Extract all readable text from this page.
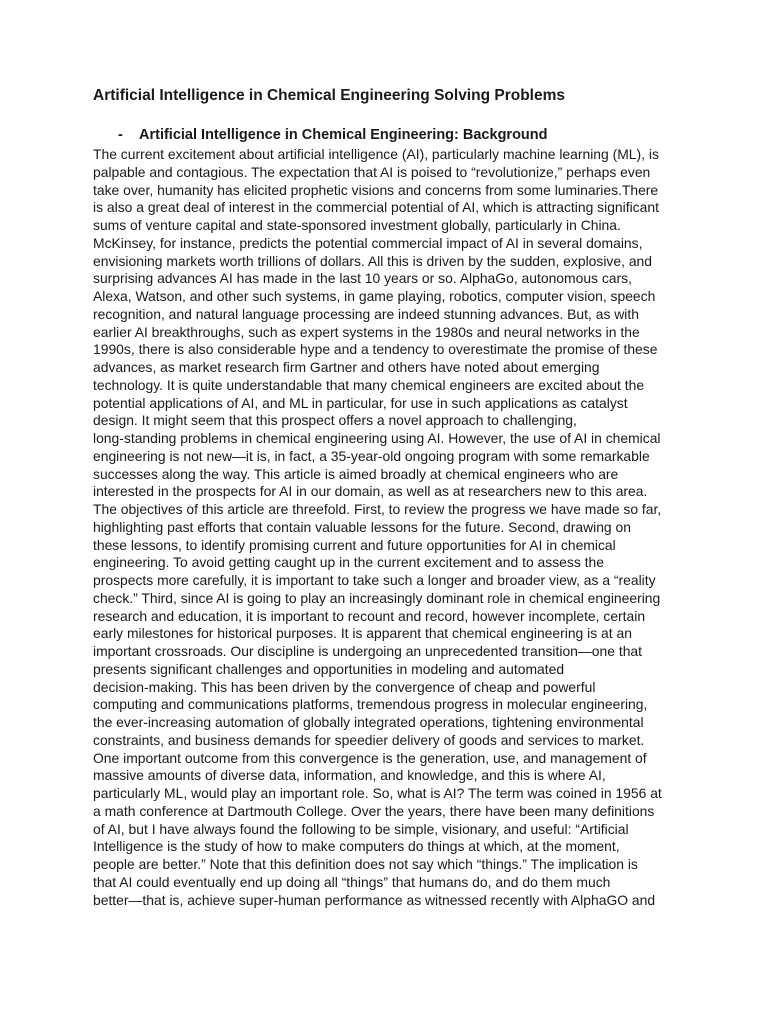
Artificial Intelligence in Chemical Engineering Solving Problems
- Artificial Intelligence in Chemical Engineering: Background
The current excitement about artificial intelligence (AI), particularly machine learning (ML), is
palpable and contagious. The expectation that AI is poised to “revolutionize,” perhaps even
take over, humanity has elicited prophetic visions and concerns from some luminaries.There
is also a great deal of interest in the commercial potential of AI, which is attracting significant
sums of venture capital and state-sponsored investment globally, particularly in China.
McKinsey, for instance, predicts the potential commercial impact of AI in several domains,
envisioning markets worth trillions of dollars. All this is driven by the sudden, explosive, and
surprising advances AI has made in the last 10 years or so. AlphaGo, autonomous cars,
Alexa, Watson, and other such systems, in game playing, robotics, computer vision, speech
recognition, and natural language processing are indeed stunning advances. But, as with
earlier AI breakthroughs, such as expert systems in the 1980s and neural networks in the
1990s, there is also considerable hype and a tendency to overestimate the promise of these
advances, as market research firm Gartner and others have noted about emerging
technology. It is quite understandable that many chemical engineers are excited about the
potential applications of AI, and ML in particular, for use in such applications as catalyst
design. It might seem that this prospect offers a novel approach to challenging,
long-standing problems in chemical engineering using AI. However, the use of AI in chemical
engineering is not new—it is, in fact, a 35-year-old ongoing program with some remarkable
successes along the way. This article is aimed broadly at chemical engineers who are
interested in the prospects for AI in our domain, as well as at researchers new to this area.
The objectives of this article are threefold. First, to review the progress we have made so far,
highlighting past efforts that contain valuable lessons for the future. Second, drawing on
these lessons, to identify promising current and future opportunities for AI in chemical
engineering. To avoid getting caught up in the current excitement and to assess the
prospects more carefully, it is important to take such a longer and broader view, as a “reality
check.” Third, since AI is going to play an increasingly dominant role in chemical engineering
research and education, it is important to recount and record, however incomplete, certain
early milestones for historical purposes. It is apparent that chemical engineering is at an
important crossroads. Our discipline is undergoing an unprecedented transition—one that
presents significant challenges and opportunities in modeling and automated
decision-making. This has been driven by the convergence of cheap and powerful
computing and communications platforms, tremendous progress in molecular engineering,
the ever-increasing automation of globally integrated operations, tightening environmental
constraints, and business demands for speedier delivery of goods and services to market.
One important outcome from this convergence is the generation, use, and management of
massive amounts of diverse data, information, and knowledge, and this is where AI,
particularly ML, would play an important role. So, what is AI? The term was coined in 1956 at
a math conference at Dartmouth College. Over the years, there have been many definitions
of AI, but I have always found the following to be simple, visionary, and useful: “Artificial
Intelligence is the study of how to make computers do things at which, at the moment,
people are better.” Note that this definition does not say which “things.” The implication is
that AI could eventually end up doing all “things” that humans do, and do them much
better—that is, achieve super-human performance as witnessed recently with AlphaGO and
